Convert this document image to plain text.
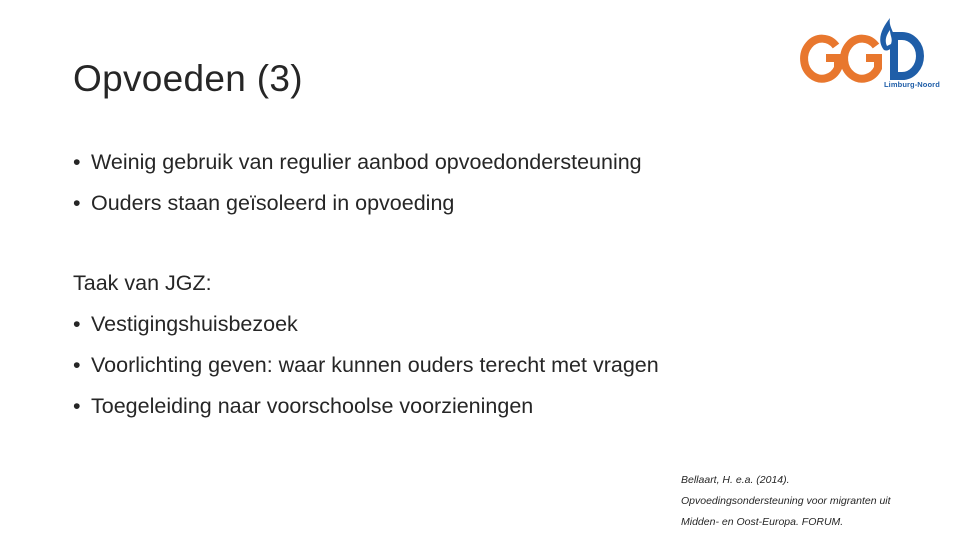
Opvoeden (3)	Limburg-Noord
• Weinig gebruik van regulier aanbod opvoedondersteuning
• Ouders staan geïsoleerd in opvoeding

Taak van JGZ:

• Vestigingshuisbezoek
• Voorlichting geven: waar kunnen ouders terecht met vragen
• Toegeleiding naar voorschoolse voorzieningen
Bellaart, H. e.a. (2014).
Opvoedingsondersteuning voor migranten uit
Midden- en Oost-Europa. FORUM.
